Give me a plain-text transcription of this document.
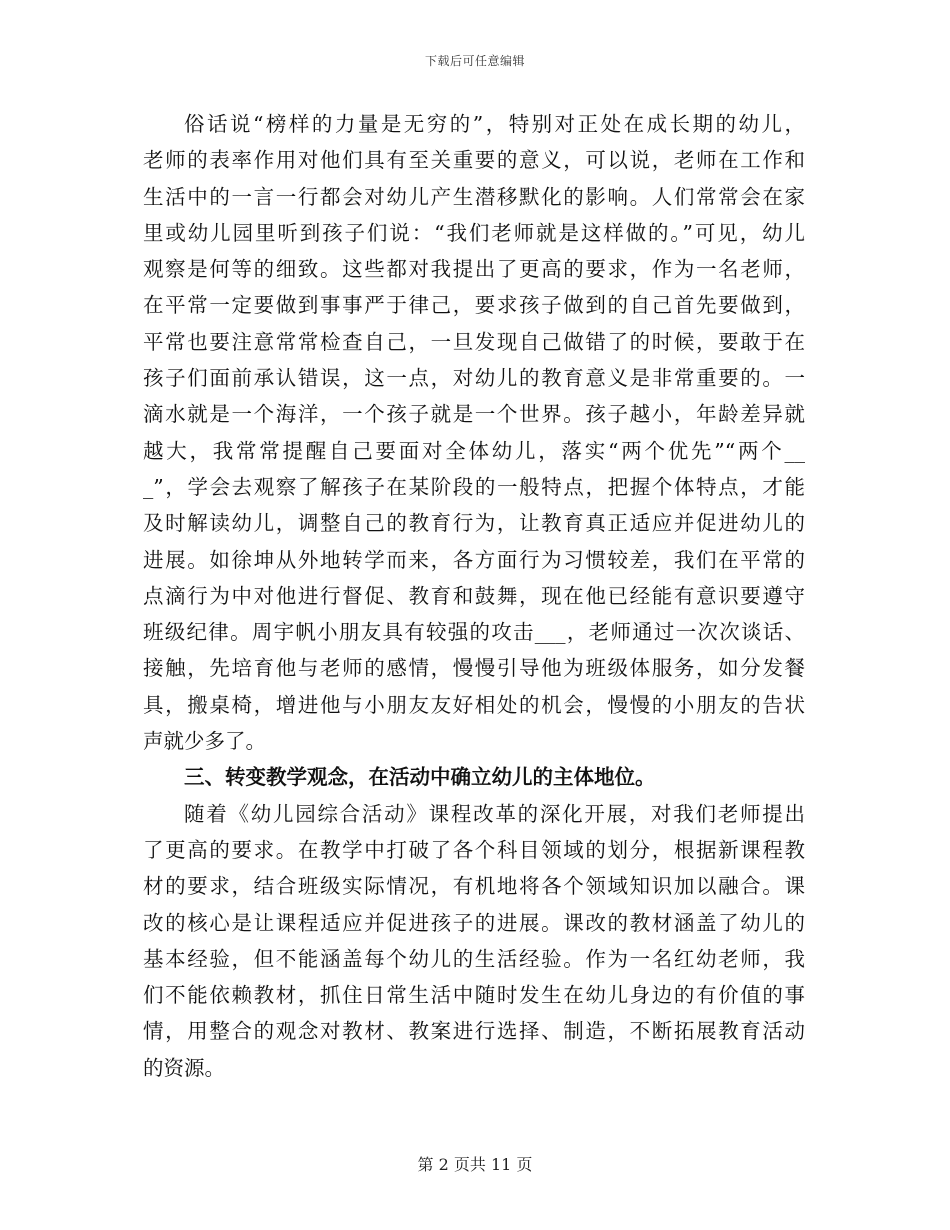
下载后可任意编辑
俗话说“榜样的力量是无穷的”，特别对正处在成长期的幼儿，
老师的表率作用对他们具有至关重要的意义，可以说，老师在工作和
生活中的一言一行都会对幼儿产生潜移默化的影响。人们常常会在家
里或幼儿园里听到孩子们说：“我们老师就是这样做的。”可见，幼儿
观察是何等的细致。这些都对我提出了更高的要求，作为一名老师，
在平常一定要做到事事严于律己，要求孩子做到的自己首先要做到，
平常也要注意常常检查自己，一旦发现自己做错了的时候，要敢于在
孩子们面前承认错误，这一点，对幼儿的教育意义是非常重要的。一
滴水就是一个海洋，一个孩子就是一个世界。孩子越小，年龄差异就
越大，我常常提醒自己要面对全体幼儿，落实“两个优先”“两个__
_”，学会去观察了解孩子在某阶段的一般特点，把握个体特点，才能
及时解读幼儿，调整自己的教育行为，让教育真正适应并促进幼儿的
进展。如徐坤从外地转学而来，各方面行为习惯较差，我们在平常的
点滴行为中对他进行督促、教育和鼓舞，现在他已经能有意识要遵守
班级纪律。周宇帆小朋友具有较强的攻击___，老师通过一次次谈话、
接触，先培育他与老师的感情，慢慢引导他为班级体服务，如分发餐
具，搬桌椅，增进他与小朋友友好相处的机会，慢慢的小朋友的告状
声就少多了。
三、转变教学观念，在活动中确立幼儿的主体地位。
随着《幼儿园综合活动》课程改革的深化开展，对我们老师提出
了更高的要求。在教学中打破了各个科目领域的划分，根据新课程教
材的要求，结合班级实际情况，有机地将各个领域知识加以融合。课
改的核心是让课程适应并促进孩子的进展。课改的教材涵盖了幼儿的
基本经验，但不能涵盖每个幼儿的生活经验。作为一名红幼老师，我
们不能依赖教材，抓住日常生活中随时发生在幼儿身边的有价值的事
情，用整合的观念对教材、教案进行选择、制造，不断拓展教育活动
的资源。
第 2 页共 11 页
